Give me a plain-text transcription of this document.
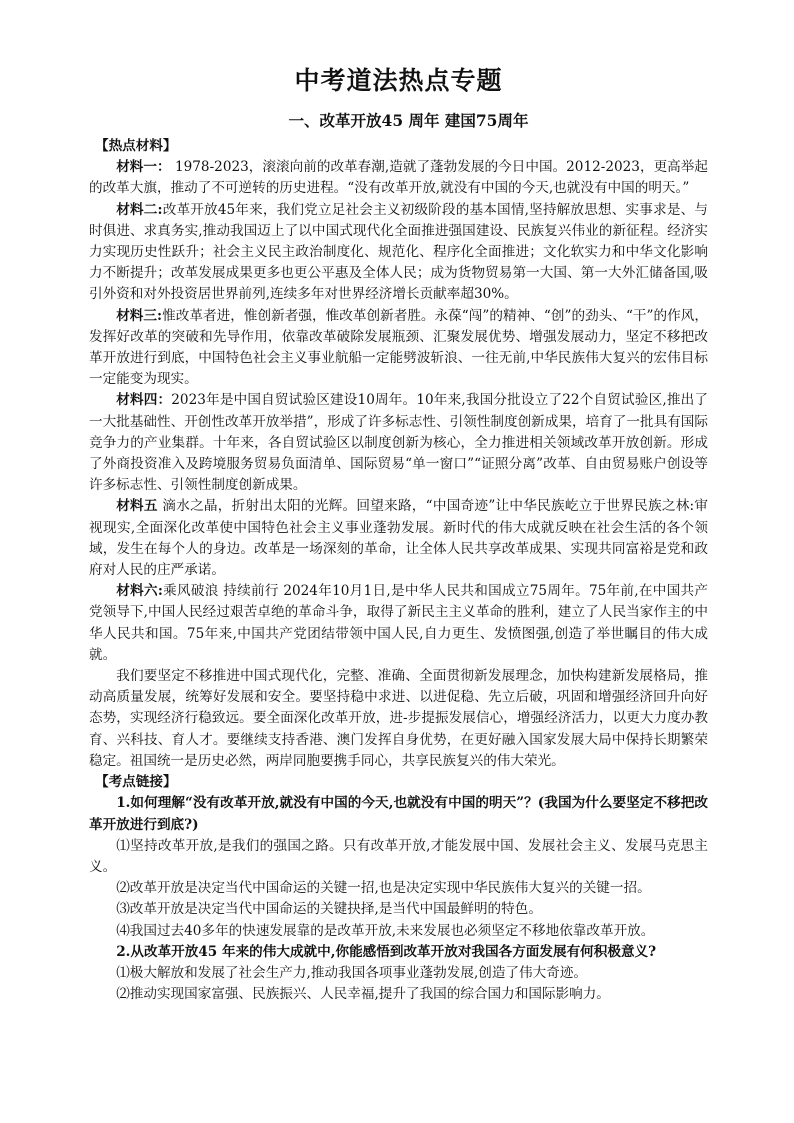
中考道法热点专题
一、改革开放45 周年 建国75周年
【热点材料】

材料一： 1978-2023，滚滚向前的改革春潮,造就了蓬勃发展的今日中国。2012-2023，更高举起的改革大旗，推动了不可逆转的历史进程。“没有改革开放,就没有中国的今天,也就没有中国的明天。”

材料二:改革开放45年来，我们党立足社会主义初级阶段的基本国情,坚持解放思想、实事求是、与时俱进、求真务实,推动我国迈上了以中国式现代化全面推进强国建设、民族复兴伟业的新征程。经济实力实现历史性跃升；社会主义民主政治制度化、规范化、程序化全面推进；文化软实力和中华文化影响力不断提升；改革发展成果更多也更公平惠及全体人民；成为货物贸易第一大国、第一大外汇储备国,吸引外资和对外投资居世界前列,连续多年对世界经济增长贡献率超30%。

材料三:惟改革者进，惟创新者强，惟改革创新者胜。永葆“闯”的精神、“创”的劲头、“干”的作风，发挥好改革的突破和先导作用，依靠改革破除发展瓶颈、汇聚发展优势、增强发展动力，坚定不移把改革开放进行到底，中国特色社会主义事业航船一定能劈波斩浪、一往无前,中华民族伟大复兴的宏伟目标一定能变为现实。

材料四：2023年是中国自贸试验区建设10周年。10年来,我国分批设立了22个自贸试验区,推出了一大批基础性、开创性改革开放举措”，形成了许多标志性、引领性制度创新成果，培育了一批具有国际竞争力的产业集群。十年来，各自贸试验区以制度创新为核心，全力推进相关领域改革开放创新。形成了外商投资准入及跨境服务贸易负面清单、国际贸易“单一窗口”“证照分离”改革、自由贸易账户创设等许多标志性、引领性制度创新成果。

材料五 滴水之晶，折射出太阳的光辉。回望来路，“中国奇迹”让中华民族屹立于世界民族之林:审视现实,全面深化改革使中国特色社会主义事业蓬勃发展。新时代的伟大成就反映在社会生活的各个领域，发生在每个人的身边。改革是一场深刻的革命，让全体人民共享改革成果、实现共同富裕是党和政府对人民的庄严承诺。

材料六:乘风破浪 持续前行 2024年10月1日,是中华人民共和国成立75周年。75年前,在中国共产党领导下,中国人民经过艰苦卓绝的革命斗争，取得了新民主主义革命的胜利，建立了人民当家作主的中华人民共和国。75年来,中国共产党团结带领中国人民,自力更生、发愤图强,创造了举世瞩目的伟大成就。

我们要坚定不移推进中国式现代化，完整、准确、全面贯彻新发展理念，加快构建新发展格局，推动高质量发展，统筹好发展和安全。要坚持稳中求进、以进促稳、先立后破，巩固和增强经济回升向好态势，实现经济行稳致远。要全面深化改革开放，进-步提振发展信心，增强经济活力，以更大力度办教育、兴科技、育人才。要继续支持香港、澳门发挥自身优势，在更好融入国家发展大局中保持长期繁荣稳定。祖国统一是历史必然，两岸同胞要携手同心，共享民族复兴的伟大荣光。

【考点链接】

1.如何理解“没有改革开放,就没有中国的今天,也就没有中国的明天”？(我国为什么要坚定不移把改革开放进行到底?)

⑴坚持改革开放,是我们的强国之路。只有改革开放,才能发展中国、发展社会主义、发展马克思主义。

⑵改革开放是决定当代中国命运的关键一招,也是决定实现中华民族伟大复兴的关键一招。

⑶改革开放是决定当代中国命运的关键抉择,是当代中国最鲜明的特色。

⑷我国过去40多年的快速发展靠的是改革开放,未来发展也必须坚定不移地依靠改革开放。

2.从改革开放45 年来的伟大成就中,你能感悟到改革开放对我国各方面发展有何积极意义?

⑴极大解放和发展了社会生产力,推动我国各项事业蓬勃发展,创造了伟大奇迹。

⑵推动实现国家富强、民族振兴、人民幸福,提升了我国的综合国力和国际影响力。
